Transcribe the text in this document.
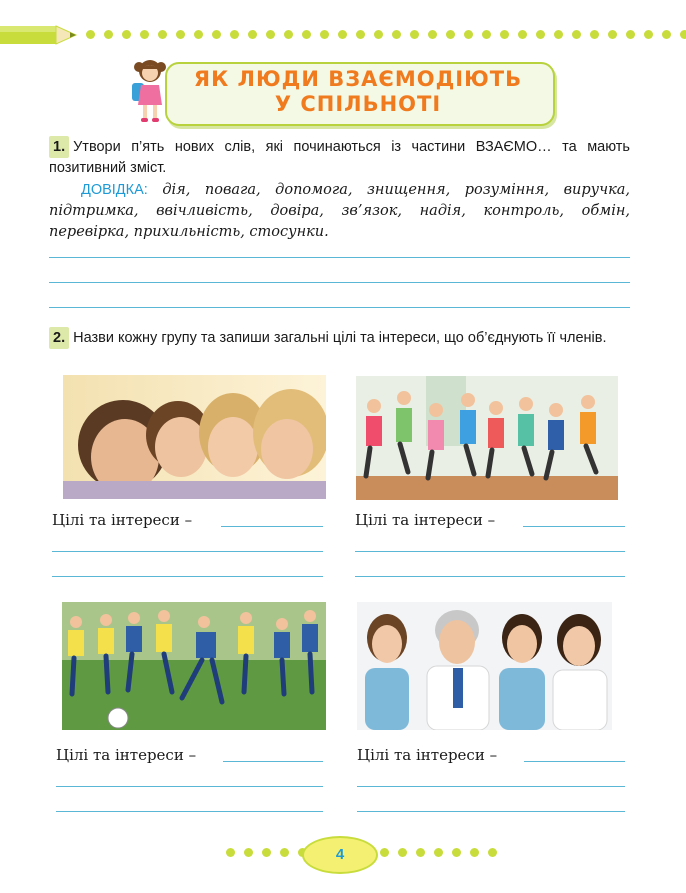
ЯК ЛЮДИ ВЗАЄМОДІЮТЬ
У СПІЛЬНОТІ
1. Утвори п’ять нових слів, які починаються із частини ВЗАЄМО… та мають позитивний зміст.
ДОВІДКА: дія, повага, допомога, знищення, розуміння, виручка, підтримка, ввічливість, довіра, зв’язок, надія, контроль, обмін, перевірка, прихильність, стосунки.
2. Назви кожну групу та запиши загальні цілі та інтереси, що об’єднують її членів.
Цілі та інтереси –	Цілі та інтереси –
Цілі та інтереси –	Цілі та інтереси –
4
